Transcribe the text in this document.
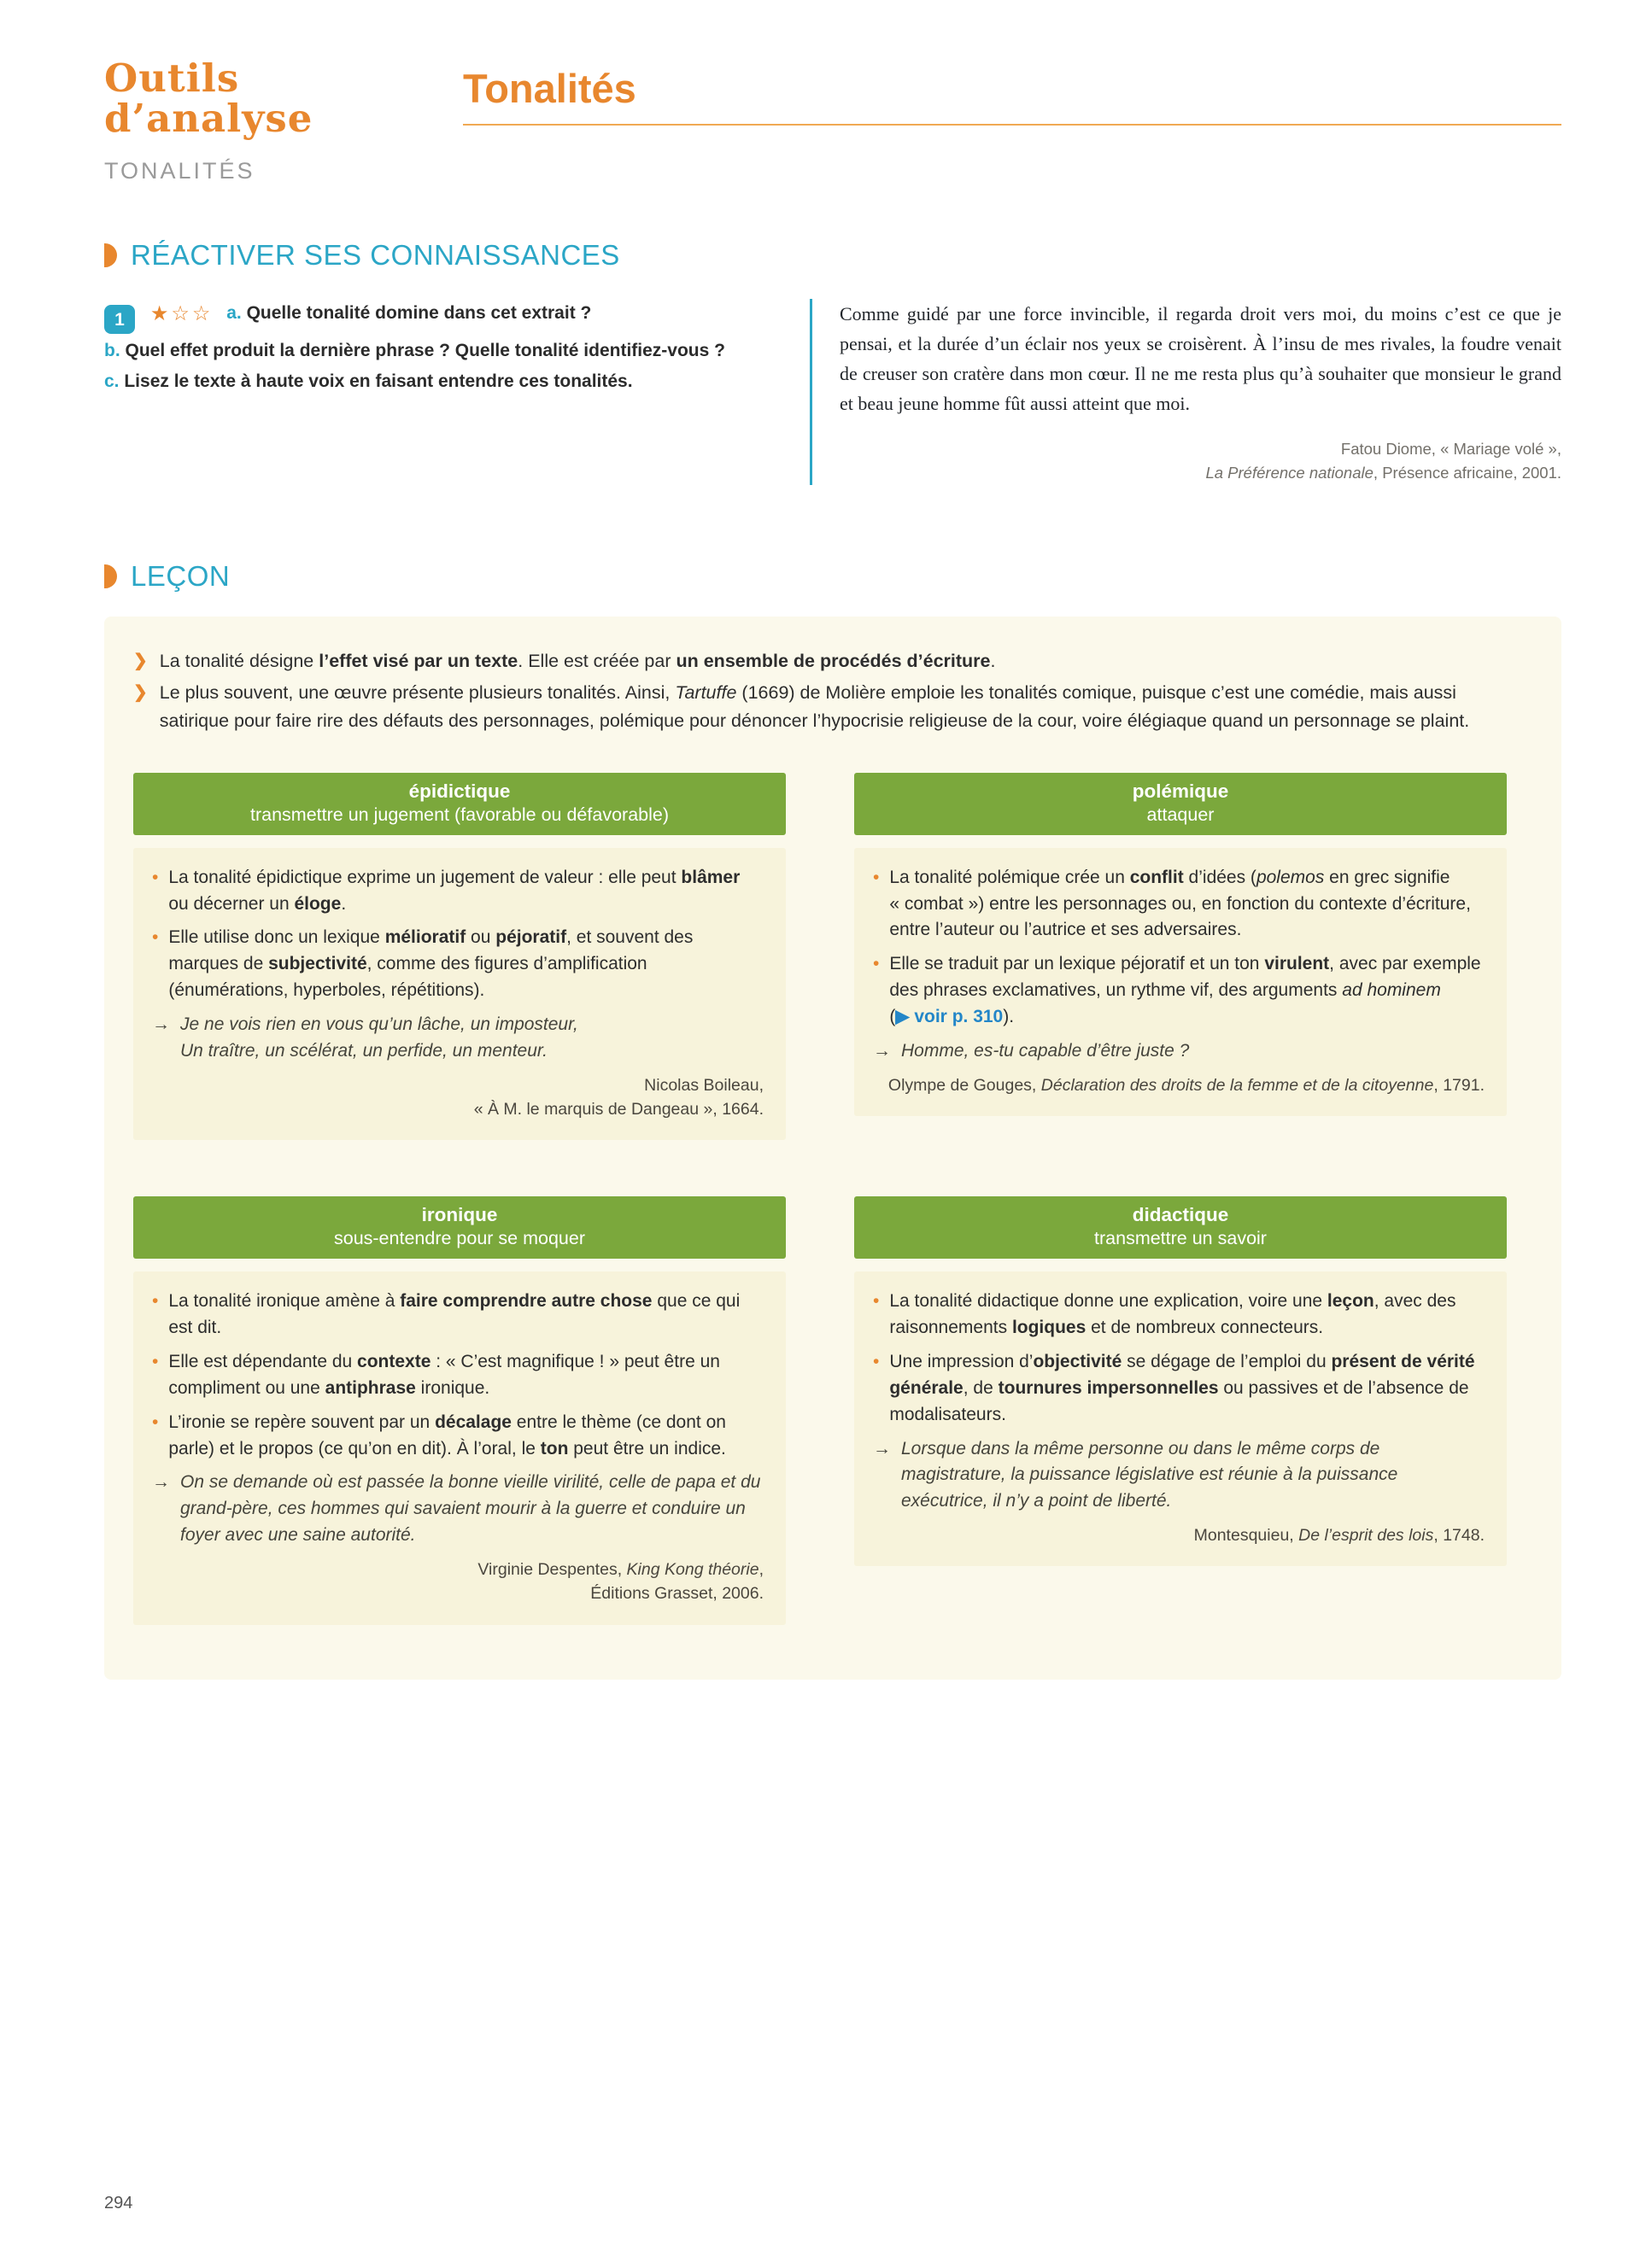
Outils
d’analyse
TONALITÉS
Tonalités
RÉACTIVER SES CONNAISSANCES

1 ★☆☆ a. Quelle tonalité domine dans cet extrait ?

b. Quel effet produit la dernière phrase ? Quelle tonalité identifiez-vous ?

c. Lisez le texte à haute voix en faisant entendre ces tonalités.

Comme guidé par une force invincible, il regarda droit vers moi, du moins c’est ce que je pensai, et la durée d’un éclair nos yeux se croisèrent. À l’insu de mes rivales, la foudre venait de creuser son cratère dans mon cœur. Il ne me resta plus qu’à souhaiter que monsieur le grand et beau jeune homme fût aussi atteint que moi.

Fatou Diome, « Mariage volé »,
La Préférence nationale, Présence africaine, 2001.

LEÇON
❯ La tonalité désigne l’effet visé par un texte. Elle est créée par un ensemble de procédés d’écriture.
❯ Le plus souvent, une œuvre présente plusieurs tonalités. Ainsi, Tartuffe (1669) de Molière emploie les tonalités comique, puisque c’est une comédie, mais aussi satirique pour faire rire des défauts des personnages, polémique pour dénoncer l’hypocrisie religieuse de la cour, voire élégiaque quand un personnage se plaint.
épidictique
transmettre un jugement (favorable ou défavorable)
• La tonalité épidictique exprime un jugement de valeur : elle peut blâmer ou décerner un éloge.
• Elle utilise donc un lexique mélioratif ou péjoratif, et souvent des marques de subjectivité, comme des figures d’amplification (énumérations, hyperboles, répétitions).
→ Je ne vois rien en vous qu’un lâche, un imposteur,
Un traître, un scélérat, un perfide, un menteur.
Nicolas Boileau,
« À M. le marquis de Dangeau », 1664.
polémique
attaquer
• La tonalité polémique crée un conflit d’idées (polemos en grec signifie « combat ») entre les personnages ou, en fonction du contexte d’écriture, entre l’auteur ou l’autrice et ses adversaires.
• Elle se traduit par un lexique péjoratif et un ton virulent, avec par exemple des phrases exclamatives, un rythme vif, des arguments ad hominem (▶ voir p. 310).
→ Homme, es-tu capable d’être juste ?
Olympe de Gouges, Déclaration des droits de la femme et de la citoyenne, 1791.
ironique
sous-entendre pour se moquer
• La tonalité ironique amène à faire comprendre autre chose que ce qui est dit.
• Elle est dépendante du contexte : « C’est magnifique ! » peut être un compliment ou une antiphrase ironique.
• L’ironie se repère souvent par un décalage entre le thème (ce dont on parle) et le propos (ce qu’on en dit). À l’oral, le ton peut être un indice.
→ On se demande où est passée la bonne vieille virilité, celle de papa et du grand-père, ces hommes qui savaient mourir à la guerre et conduire un foyer avec une saine autorité.
Virginie Despentes, King Kong théorie,
Éditions Grasset, 2006.
didactique
transmettre un savoir
• La tonalité didactique donne une explication, voire une leçon, avec des raisonnements logiques et de nombreux connecteurs.
• Une impression d’objectivité se dégage de l’emploi du présent de vérité générale, de tournures impersonnelles ou passives et de l’absence de modalisateurs.
→ Lorsque dans la même personne ou dans le même corps de magistrature, la puissance législative est réunie à la puissance exécutrice, il n’y a point de liberté.
Montesquieu, De l’esprit des lois, 1748.
294
